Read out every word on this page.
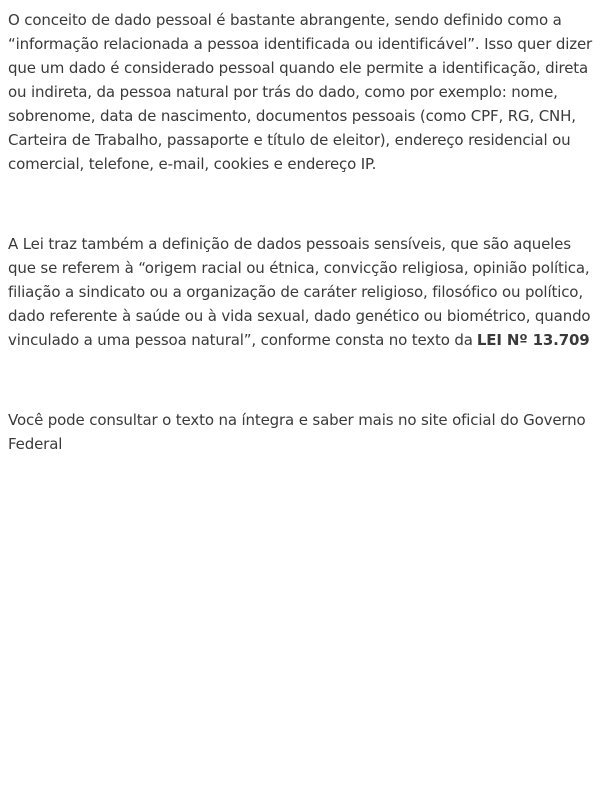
O conceito de dado pessoal é bastante abrangente, sendo definido como a “informação relacionada a pessoa identificada ou identificável”. Isso quer dizer que um dado é considerado pessoal quando ele permite a identificação, direta ou indireta, da pessoa natural por trás do dado, como por exemplo: nome, sobrenome, data de nascimento, documentos pessoais (como CPF, RG, CNH, Carteira de Trabalho, passaporte e título de eleitor), endereço residencial ou comercial, telefone, e-mail, cookies e endereço IP.

A Lei traz também a definição de dados pessoais sensíveis, que são aqueles que se referem à “origem racial ou étnica, convicção religiosa, opinião política, filiação a sindicato ou a organização de caráter religioso, filosófico ou político, dado referente à saúde ou à vida sexual, dado genético ou biométrico, quando vinculado a uma pessoa natural”, conforme consta no texto da LEI Nº 13.709

Você pode consultar o texto na íntegra e saber mais no site oficial do Governo Federal
